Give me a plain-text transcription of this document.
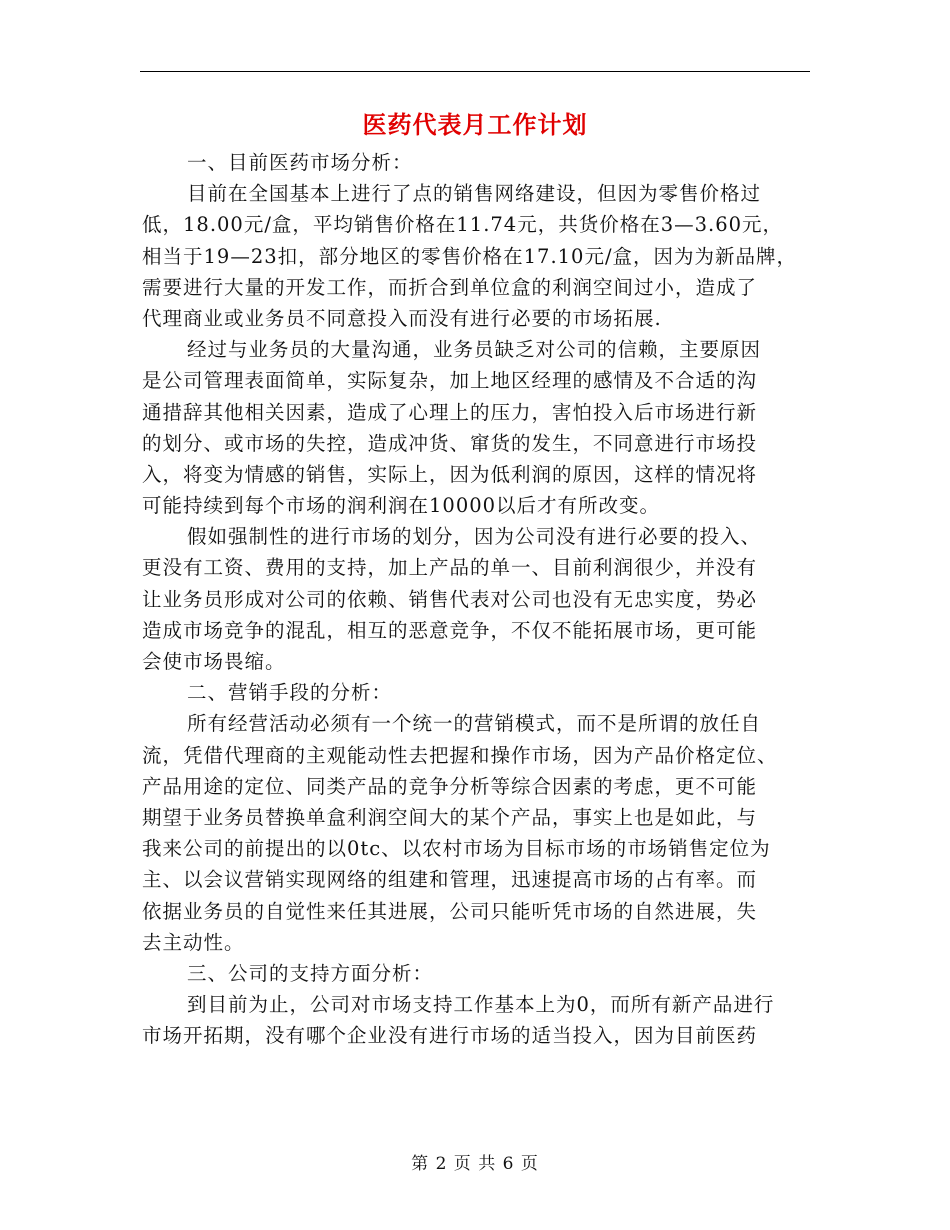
医药代表月工作计划
一、目前医药市场分析：
目前在全国基本上进行了点的销售网络建设，但因为零售价格过
低，18.00元/盒，平均销售价格在11.74元，共货价格在3—3.60元，
相当于19—23扣，部分地区的零售价格在17.10元/盒，因为为新品牌，
需要进行大量的开发工作，而折合到单位盒的利润空间过小，造成了
代理商业或业务员不同意投入而没有进行必要的市场拓展.
经过与业务员的大量沟通，业务员缺乏对公司的信赖，主要原因
是公司管理表面简单，实际复杂，加上地区经理的感情及不合适的沟
通措辞其他相关因素，造成了心理上的压力，害怕投入后市场进行新
的划分、或市场的失控，造成冲货、窜货的发生，不同意进行市场投
入，将变为情感的销售，实际上，因为低利润的原因，这样的情况将
可能持续到每个市场的润利润在10000以后才有所改变。
假如强制性的进行市场的划分，因为公司没有进行必要的投入、
更没有工资、费用的支持，加上产品的单一、目前利润很少，并没有
让业务员形成对公司的依赖、销售代表对公司也没有无忠实度，势必
造成市场竞争的混乱，相互的恶意竞争，不仅不能拓展市场，更可能
会使市场畏缩。
二、营销手段的分析：
所有经营活动必须有一个统一的营销模式，而不是所谓的放任自
流，凭借代理商的主观能动性去把握和操作市场，因为产品价格定位、
产品用途的定位、同类产品的竞争分析等综合因素的考虑，更不可能
期望于业务员替换单盒利润空间大的某个产品，事实上也是如此，与
我来公司的前提出的以0tc、以农村市场为目标市场的市场销售定位为
主、以会议营销实现网络的组建和管理，迅速提高市场的占有率。而
依据业务员的自觉性来任其进展，公司只能听凭市场的自然进展，失
去主动性。
三、公司的支持方面分析：
到目前为止，公司对市场支持工作基本上为0，而所有新产品进行
市场开拓期，没有哪个企业没有进行市场的适当投入，因为目前医药
第 2 页 共 6 页
